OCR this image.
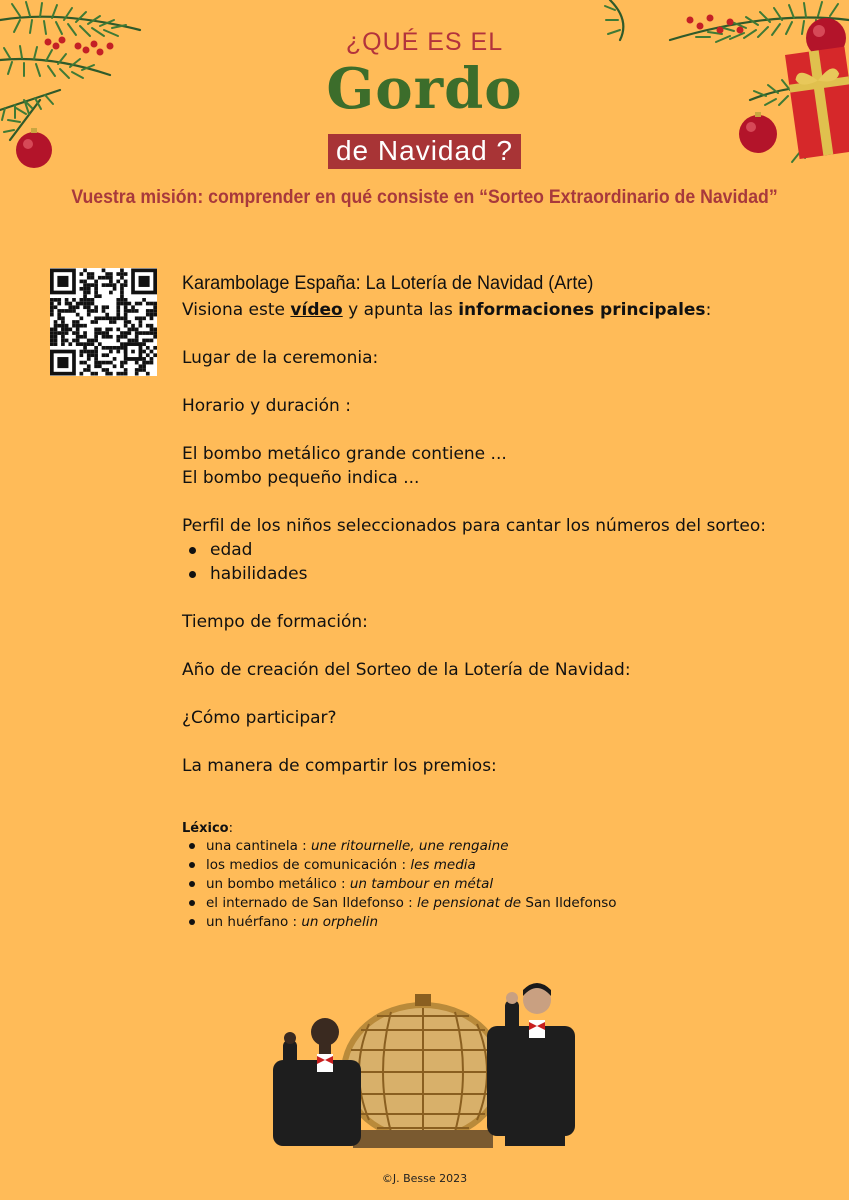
¿QUÉ ES EL
Gordo
de Navidad ?
Vuestra misión: comprender en qué consiste en “Sorteo Extraordinario de Navidad”

Karambolage España: La Lotería de Navidad (Arte)

Visiona este vídeo y apunta las informaciones principales:

Lugar de la ceremonia:

Horario y duración :

El bombo metálico grande contiene ...

El bombo pequeño indica ...

Perfil de los niños seleccionados para cantar los números del sorteo:

edad
habilidades

Tiempo de formación:

Año de creación del Sorteo de la Lotería de Navidad:

¿Cómo participar?

La manera de compartir los premios:

Léxico:
una cantinela : une ritournelle, une rengaine
los medios de comunicación : les media
un bombo metálico : un tambour en métal
el internado de San Ildefonso : le pensionat de San Ildefonso
un huérfano : un orphelin
©J. Besse 2023
